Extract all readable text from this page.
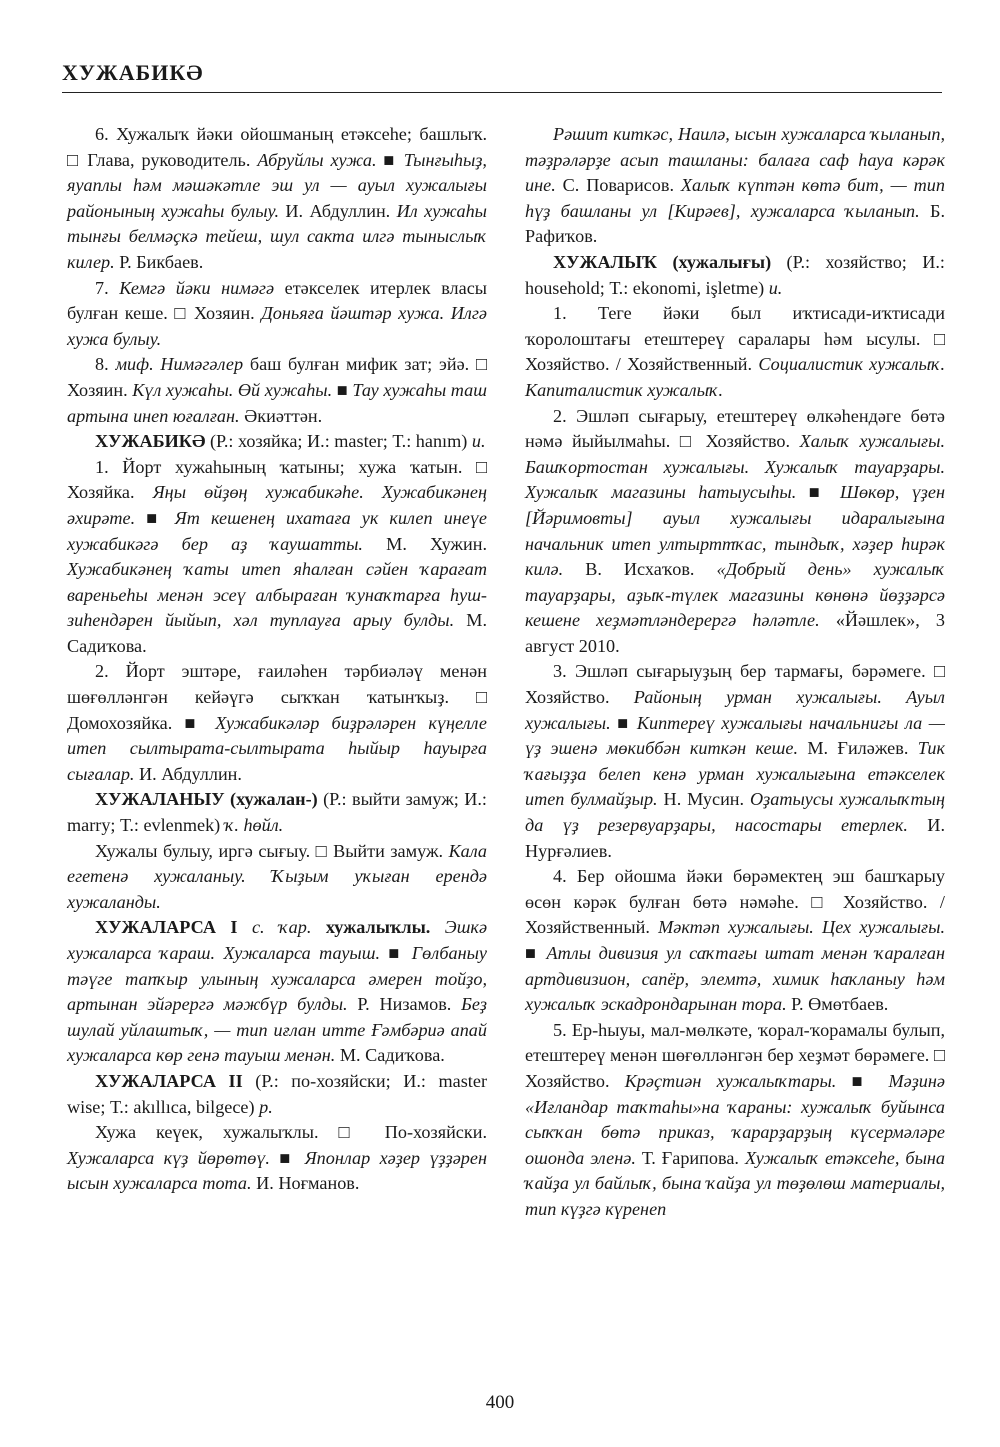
ХУЖАБИКӘ

6. Хужалыҡ йәки ойошманың етәксеһе; башлыҡ. □ Глава, руководитель. Абруйлы хужа. ■ Тынғыһыҙ, яуаплы һәм мәшәкәтле эш ул — ауыл хужалығы районының хужаһы булыу. И. Абдуллин. Ил хужаһы тынғы белмәҫкә тейеш, шул сакта илгә тыныслыҡ килер. Р. Бикбаев.

7. Кемгә йәки нимәгә етәкселек итерлек власы булған кеше. □ Хозяин. Доньяға йәштәр хужа. Илгә хужа булыу.

8. миф. Нимәгәлер баш булған мифик зат; эйә. □ Хозяин. Күл хужаһы. Өй хужаһы. ■ Тау хужаһы таш артына инеп юғалған. Әкиәттән.

ХУЖАБИКӘ (Р.: хозяйка; И.: master; Т.: hanım) и.

1. Йорт хужаһының ҡатыны; хужа ҡатын. □ Хозяйка. Яңы өйҙөң хужабикәһе. Хужабикәнең әхирәте. ■ Ят кешенең ихатаға ук килеп инеүе хужабикәгә бер аҙ ҡаушатты. М. Хужин. Хужабикәнең ҡаты итеп яһалған сәйен ҡарағат вареньеһы менән эсеү албыраған ҡунаҡтарға һуш-зиһендәрен йыйып, хәл туплауға арыу булды. М. Садиҡова.

2. Йорт эштәре, ғаиләһен тәрбиәләү менән шөғөлләнгән кейәүгә сыҡҡан ҡатынҡыҙ. □ Домохозяйка. ■ Хужабикәләр биҙрәләрен күңелле итеп сылтырата-сылтырата һыйыр һауырға сығалар. И. Абдуллин.

ХУЖАЛАНЫУ (хужалан-) (Р.: выйти замуж; И.: marry; Т.: evlenmek) ҡ. һөйл.

Хужалы булыу, иргә сығыу. □ Выйти замуж. Кала егетенә хужаланыу. Ҡыҙым уҡыған ерендә хужаланды.

ХУЖАЛАРСА I с. ҡар. хужалыҡлы. Эшкә хужаларса ҡараш. Хужаларса тауыш. ■ Гөлбаныу тәүге тапҡыр улының хужаларса әмерен тойҙо, артынан эйәрергә мәжбүр булды. Р. Низамов. Беҙ шулай уйлаштыҡ, — тип иғлан итте Ғәмбәриә апай хужаларса көр генә тауыш менән. М. Садиҡова.

ХУЖАЛАРСА II (Р.: по-хозяйски; И.: master wise; Т.: akıllıca, bilgece) р.

Хужа кеүек, хужалыҡлы. □ По-хозяйски. Хужаларса күҙ йөрөтөү. ■ Японлар хәҙер үҙҙәрен ысын хужаларса тота. И. Ноғманов.

Рәшит киткәс, Наилә, ысын хужаларса ҡыланып, тәҙрәләрҙе асып ташланы: балаға саф һауа кәрәк ине. С. Поварисов. Халыҡ күптән көтә бит, — тип һүҙ башланы ул [Кирәев], хужаларса ҡыланып. Б. Рафиҡов.

ХУЖАЛЫҠ (хужалығы) (Р.: хозяйство; И.: household; Т.: ekonomi, işletme) и.

1. Теге йәки был иҡтисади-иҡтисади ҡоролоштағы етештереү саралары һәм ысулы. □ Хозяйство. / Хозяйственный. Социалистик хужалыҡ. Капиталистик хужалыҡ.

2. Эшләп сығарыу, етештереү өлкәһендәге бөтә нәмә йыйылмаһы. □ Хозяйство. Халыҡ хужалығы. Башҡортостан хужалығы. Хужалыҡ тауарҙары. Хужалыҡ магазины һатыусыһы. ■ Шөкөр, үҙен [Йәримовты] ауыл хужалығы идаралығына начальник итеп ултырттҡас, тындыҡ, хәҙер һирәк килә. В. Исхаҡов. «Добрый день» хужалыҡ тауарҙары, аҙыҡ-түлек магазины көнөнә йөҙҙәрсә кешене хеҙмәтләндерергә һәләтле. «Йәшлек», 3 август 2010.

3. Эшләп сығарыуҙың бер тармағы, бәрәмеге. □ Хозяйство. Районың урман хужалығы. Ауыл хужалығы. ■ Киптереү хужалығы начальнигы ла — үҙ эшенә мөкиббән киткән кеше. М. Ғиләжев. Тик ҡағыҙҙа белеп кенә урман хужалығына етәкселек итеп булмайҙыр. Н. Мусин. Оҙатыусы хужалыҡтың да үҙ резервуарҙары, насостары етерлек. И. Нурғәлиев.

4. Бер ойошма йәки бөрәмектең эш башҡарыу өсөн кәрәк булған бөтә нәмәһе. □ Хозяйство. / Хозяйственный. Мәктәп хужалығы. Цех хужалығы. ■ Атлы дивизия ул саҡтағы штат менән ҡаралған артдивизион, сапёр, элемтә, химик һаҡланыу һәм хужалыҡ эскадрондарынан тора. Р. Өмөтбаев.

5. Ер-һыуы, мал-мөлкәте, ҡорал-ҡорамалы булып, етештереү менән шөғөлләнгән бер хеҙмәт бөрәмеге. □ Хозяйство. Крәҫтиән хужалыҡтары. ■ Мәҙинә «Иғландар таҡтаһы»на ҡараны: хужалыҡ буйынса сыҡҡан бөтә приказ, ҡарарҙарҙың күсермәләре ошонда эленә. Т. Ғарипова. Хужалыҡ етәксеһе, бына ҡайҙа ул байлыҡ, бына ҡайҙа ул төҙөлөш материалы, тип күҙгә күренеп

400
